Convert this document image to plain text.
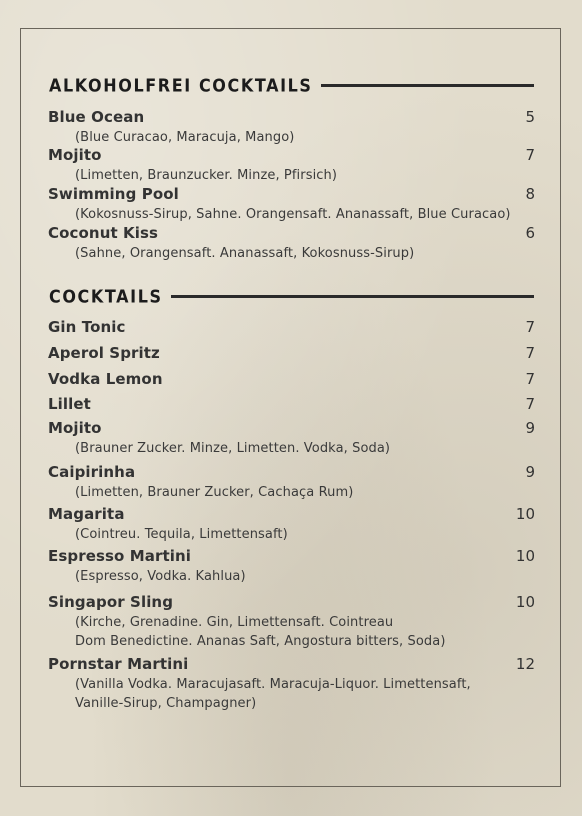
ALKOHOLFREI COCKTAILS
Blue Ocean	5
(Blue Curacao, Maracuja, Mango)
Mojito	7
(Limetten, Braunzucker. Minze, Pfirsich)
Swimming Pool	8
(Kokosnuss-Sirup, Sahne. Orangensaft. Ananassaft, Blue Curacao)
Coconut Kiss	6
(Sahne, Orangensaft. Ananassaft, Kokosnuss-Sirup)
COCKTAILS
Gin Tonic	7
Aperol Spritz	7
Vodka Lemon	7
Lillet	7
Mojito	9
(Brauner Zucker. Minze, Limetten. Vodka, Soda)
Caipirinha	9
(Limetten, Brauner Zucker, Cachaça Rum)
Magarita	10
(Cointreu. Tequila, Limettensaft)
Espresso Martini	10
(Espresso, Vodka. Kahlua)
Singapor Sling	10
(Kirche, Grenadine. Gin, Limettensaft. Cointreau
Dom Benedictine. Ananas Saft, Angostura bitters, Soda)
Pornstar Martini	12
(Vanilla Vodka. Maracujasaft. Maracuja-Liquor. Limettensaft,
Vanille-Sirup, Champagner)
